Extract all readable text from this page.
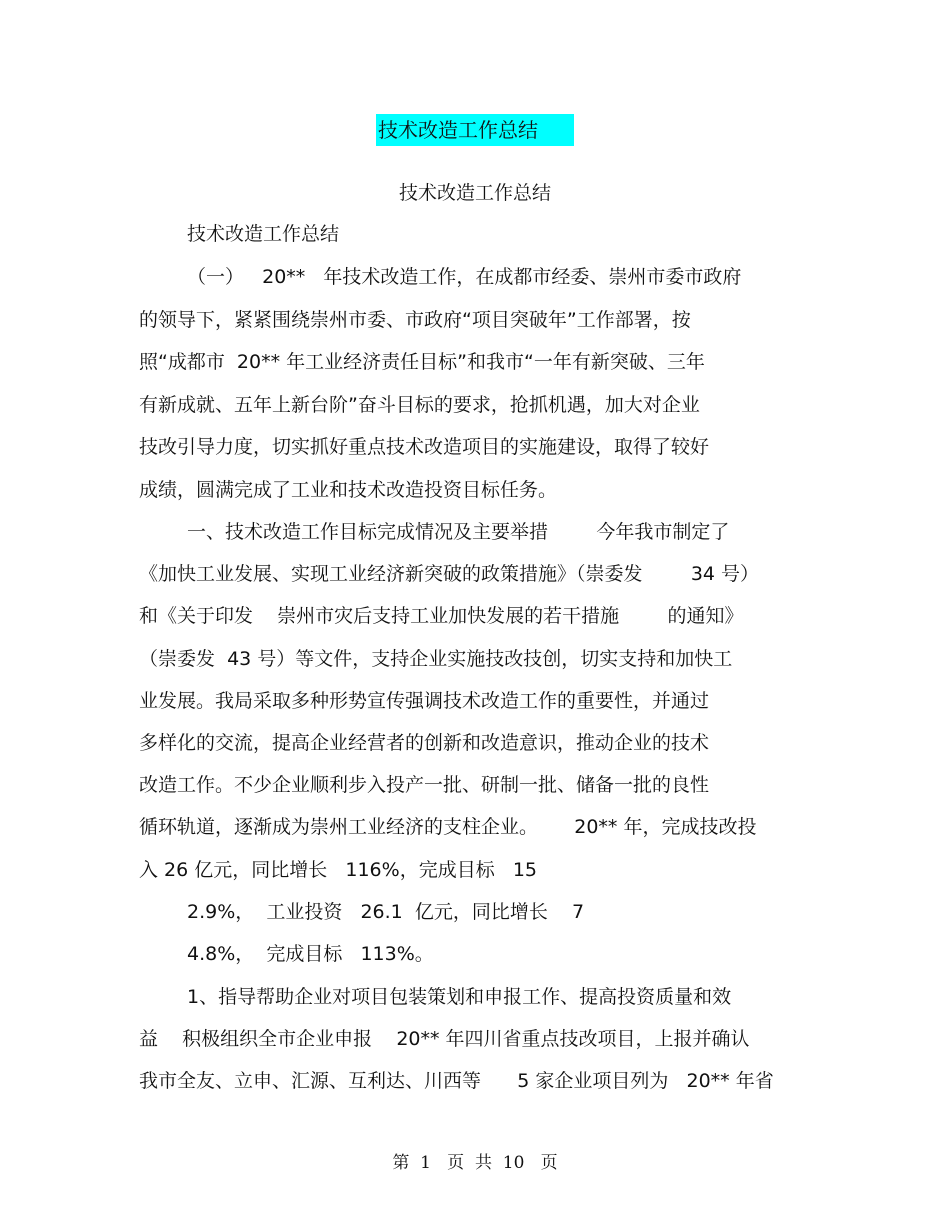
技术改造工作总结
技术改造工作总结
技术改造工作总结
（一）   20**   年技术改造工作，在成都市经委、崇州市委市政府
的领导下，紧紧围绕崇州市委、市政府“项目突破年”工作部署，按
照“成都市  20** 年工业经济责任目标”和我市“一年有新突破、三年
有新成就、五年上新台阶”奋斗目标的要求，抢抓机遇，加大对企业
技改引导力度，切实抓好重点技术改造项目的实施建设，取得了较好
成绩，圆满完成了工业和技术改造投资目标任务。
一、技术改造工作目标完成情况及主要举措        今年我市制定了
《加快工业发展、实现工业经济新突破的政策措施》（崇委发        34 号）
和《关于印发    崇州市灾后支持工业加快发展的若干措施        的通知》
（崇委发  43 号）等文件，支持企业实施技改技创，切实支持和加快工
业发展。我局采取多种形势宣传强调技术改造工作的重要性，并通过
多样化的交流，提高企业经营者的创新和改造意识，推动企业的技术
改造工作。不少企业顺利步入投产一批、研制一批、储备一批的良性
循环轨道，逐渐成为崇州工业经济的支柱企业。      20** 年，完成技改投
入 26 亿元，同比增长   116%，完成目标   15
2.9%，  工业投资   26.1  亿元，同比增长    7
4.8%，  完成目标   113%。
1、指导帮助企业对项目包装策划和申报工作、提高投资质量和效
益    积极组织全市企业申报    20** 年四川省重点技改项目，上报并确认
我市全友、立申、汇源、互利达、川西等      5 家企业项目列为   20** 年省
第  1   页  共  10   页
